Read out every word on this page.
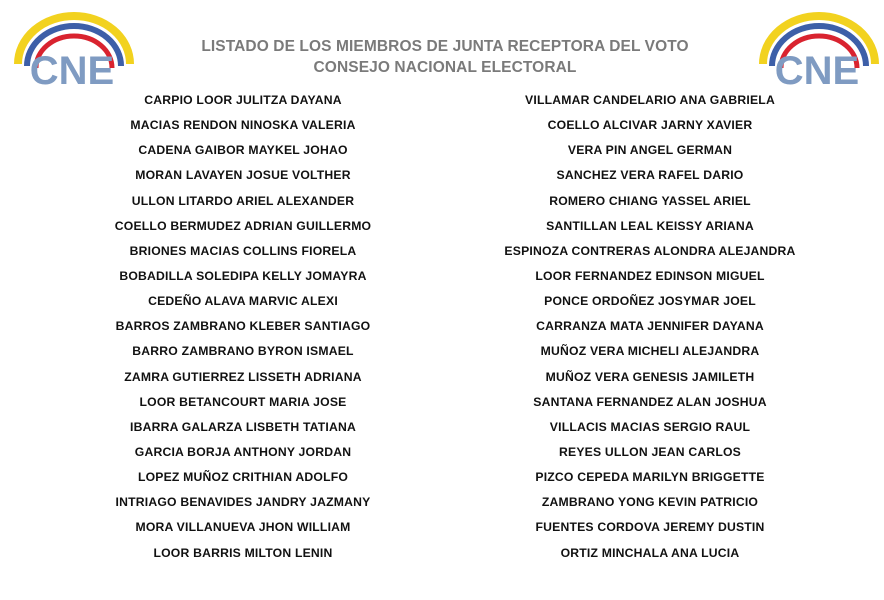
CNE	CNE
LISTADO DE LOS MIEMBROS DE JUNTA RECEPTORA DEL VOTO
CONSEJO NACIONAL ELECTORAL
CARPIO LOOR JULITZA DAYANA
MACIAS RENDON NINOSKA VALERIA
CADENA GAIBOR MAYKEL JOHAO
MORAN LAVAYEN JOSUE VOLTHER
ULLON LITARDO ARIEL ALEXANDER
COELLO BERMUDEZ ADRIAN GUILLERMO
BRIONES MACIAS COLLINS FIORELA
BOBADILLA SOLEDIPA KELLY JOMAYRA
CEDEÑO ALAVA MARVIC ALEXI
BARROS ZAMBRANO KLEBER SANTIAGO
BARRO ZAMBRANO BYRON ISMAEL
ZAMRA GUTIERREZ LISSETH ADRIANA
LOOR BETANCOURT MARIA JOSE
IBARRA GALARZA LISBETH TATIANA
GARCIA BORJA ANTHONY JORDAN
LOPEZ MUÑOZ CRITHIAN ADOLFO
INTRIAGO BENAVIDES JANDRY JAZMANY
MORA VILLANUEVA JHON WILLIAM
LOOR BARRIS MILTON LENIN
VILLAMAR CANDELARIO ANA GABRIELA
COELLO ALCIVAR JARNY XAVIER
VERA PIN ANGEL GERMAN
SANCHEZ VERA RAFEL DARIO
ROMERO CHIANG YASSEL ARIEL
SANTILLAN LEAL KEISSY ARIANA
ESPINOZA CONTRERAS ALONDRA ALEJANDRA
LOOR FERNANDEZ EDINSON MIGUEL
PONCE ORDOÑEZ JOSYMAR JOEL
CARRANZA MATA JENNIFER DAYANA
MUÑOZ VERA MICHELI ALEJANDRA
MUÑOZ VERA GENESIS JAMILETH
SANTANA FERNANDEZ ALAN JOSHUA
VILLACIS MACIAS SERGIO RAUL
REYES ULLON JEAN CARLOS
PIZCO CEPEDA MARILYN BRIGGETTE
ZAMBRANO YONG KEVIN PATRICIO
FUENTES CORDOVA JEREMY DUSTIN
ORTIZ MINCHALA ANA LUCIA
